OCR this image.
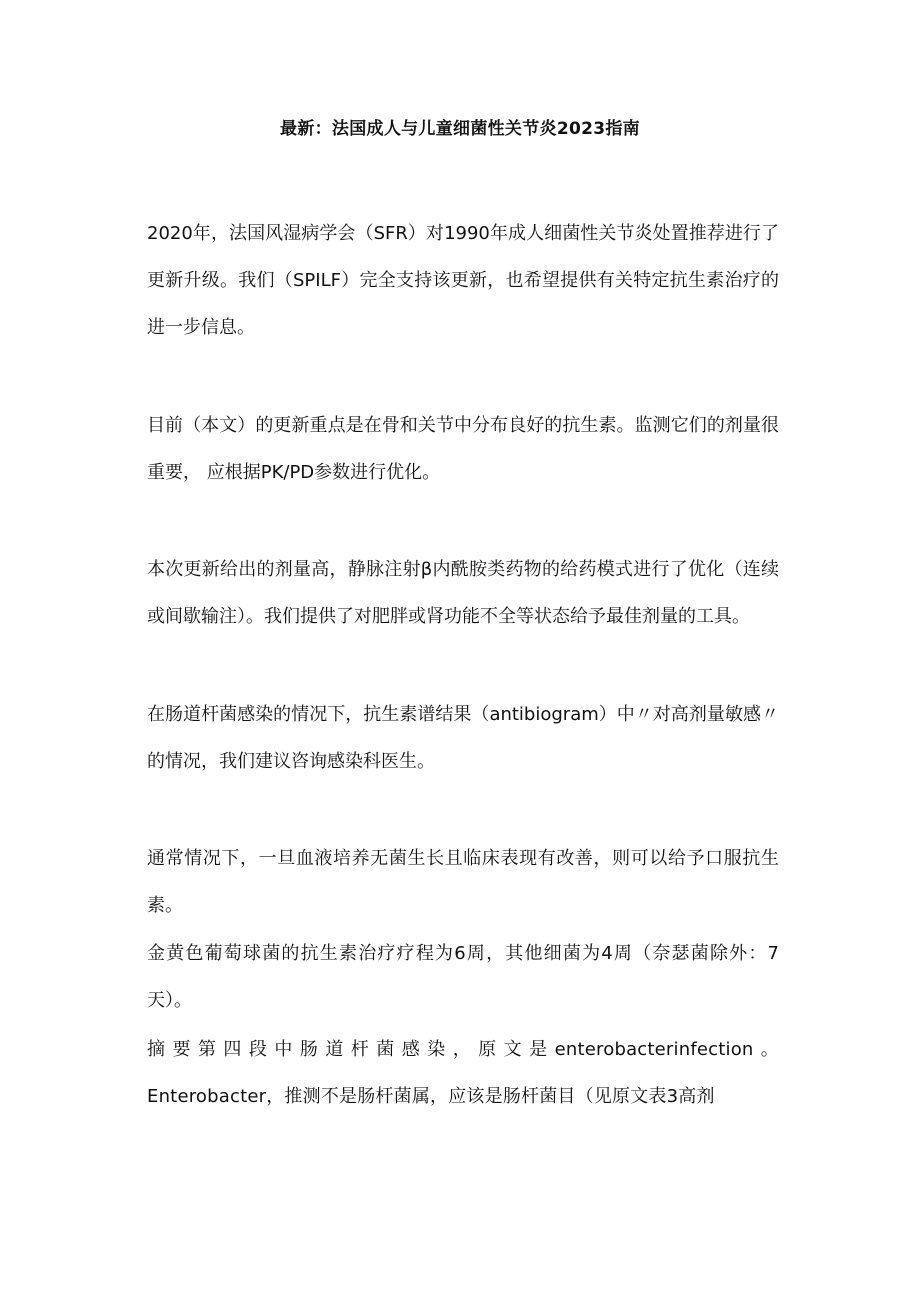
最新：法国成人与儿童细菌性关节炎2023指南

2020年，法国风湿病学会（SFR）对1990年成人细菌性关节炎处置推荐进行了更新升级。我们（SPILF）完全支持该更新，也希望提供有关特定抗生素治疗的进一步信息。

目前（本文）的更新重点是在骨和关节中分布良好的抗生素。监测它们的剂量很重要， 应根据PK/PD参数进行优化。

本次更新给出的剂量高，静脉注射β内酰胺类药物的给药模式进行了优化（连续或间歇输注）。我们提供了对肥胖或肾功能不全等状态给予最佳剂量的工具。

在肠道杆菌感染的情况下，抗生素谱结果（antibiogram）中〃对高剂量敏感〃的情况，我们建议咨询感染科医生。

通常情况下，一旦血液培养无菌生长且临床表现有改善，则可以给予口服抗生素。

金黄色葡萄球菌的抗生素治疗疗程为6周，其他细菌为4周（奈瑟菌除外：7天）。

摘要第四段中肠道杆菌感染，原文是enterobacterinfection。Enterobacter，推测不是肠杆菌属，应该是肠杆菌目（见原文表3高剂
